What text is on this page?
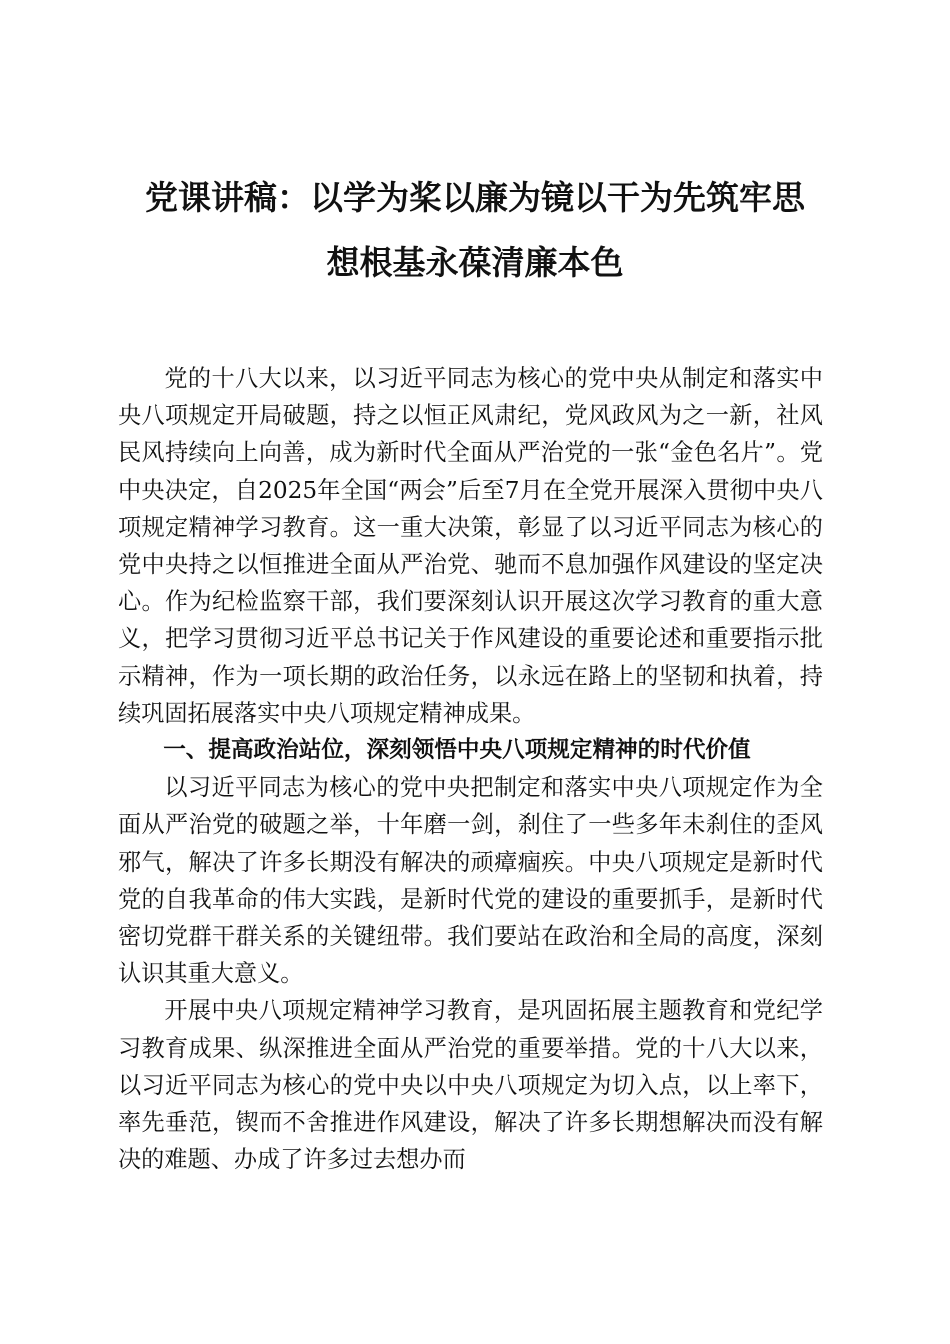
党课讲稿：以学为桨以廉为镜以干为先筑牢思
想根基永葆清廉本色

党的十八大以来，以习近平同志为核心的党中央从制定和落实中央八项规定开局破题，持之以恒正风肃纪，党风政风为之一新，社风民风持续向上向善，成为新时代全面从严治党的一张“金色名片”。党中央决定，自2025年全国“两会”后至7月在全党开展深入贯彻中央八项规定精神学习教育。这一重大决策，彰显了以习近平同志为核心的党中央持之以恒推进全面从严治党、驰而不息加强作风建设的坚定决心。作为纪检监察干部，我们要深刻认识开展这次学习教育的重大意义，把学习贯彻习近平总书记关于作风建设的重要论述和重要指示批示精神，作为一项长期的政治任务，以永远在路上的坚韧和执着，持续巩固拓展落实中央八项规定精神成果。

一、提高政治站位，深刻领悟中央八项规定精神的时代价值

以习近平同志为核心的党中央把制定和落实中央八项规定作为全面从严治党的破题之举，十年磨一剑，刹住了一些多年未刹住的歪风邪气，解决了许多长期没有解决的顽瘴痼疾。中央八项规定是新时代党的自我革命的伟大实践，是新时代党的建设的重要抓手，是新时代密切党群干群关系的关键纽带。我们要站在政治和全局的高度，深刻认识其重大意义。

开展中央八项规定精神学习教育，是巩固拓展主题教育和党纪学习教育成果、纵深推进全面从严治党的重要举措。党的十八大以来，以习近平同志为核心的党中央以中央八项规定为切入点，以上率下，率先垂范，锲而不舍推进作风建设，解决了许多长期想解决而没有解决的难题、办成了许多过去想办而
